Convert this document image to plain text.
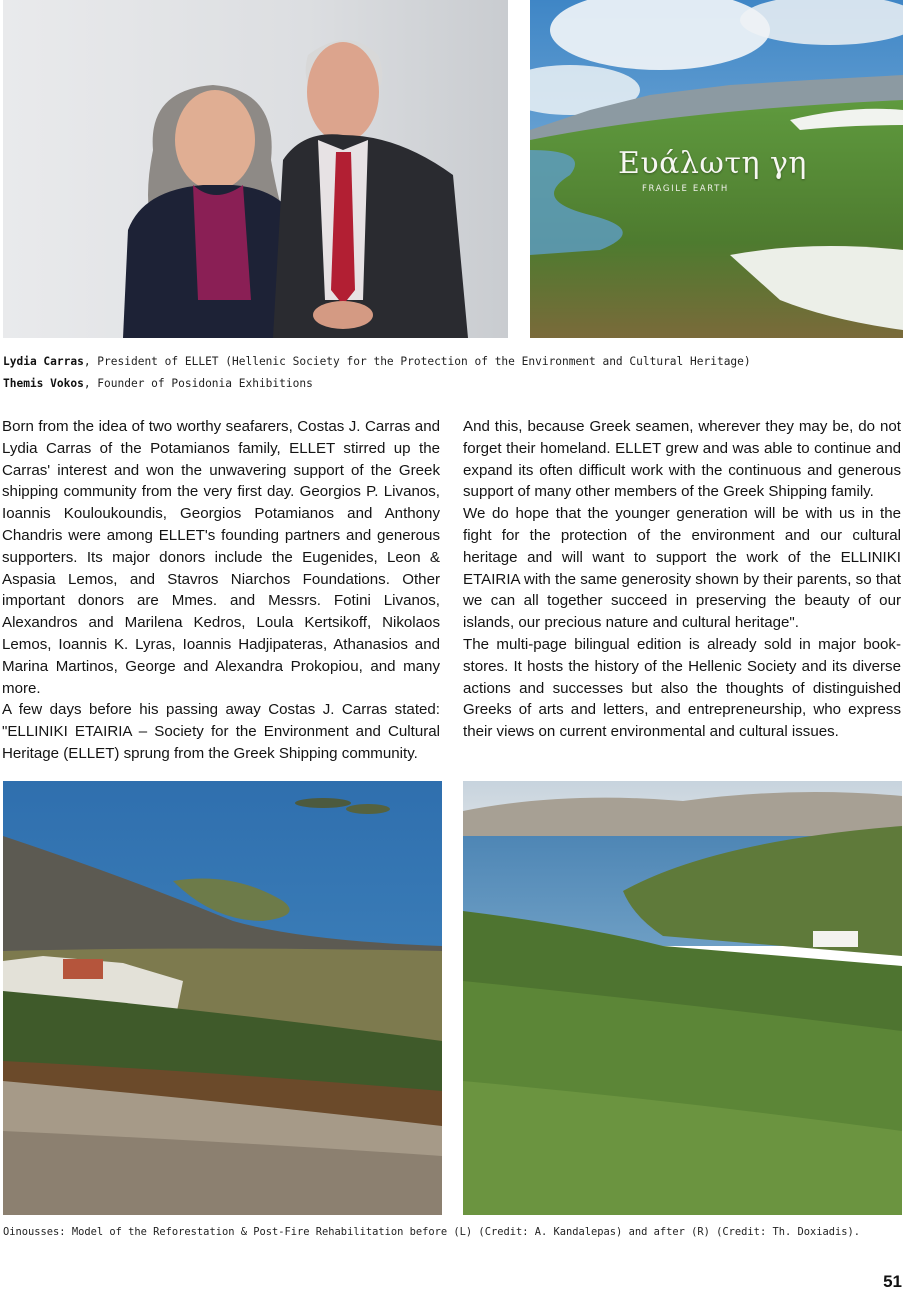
Ευάλωτη γη
FRAGILE EARTH
Lydia Carras, President of ELLET (Hellenic Society for the Protection of the Environment and Cultural Heritage)
Themis Vokos, Founder of Posidonia Exhibitions

Born from the idea of two worthy seafarers, Costas J. Carras and Lydia Carras of the Potamianos family, ELLET stirred up the Carras' interest and won the unwavering support of the Greek shipping community from the very first day. Georgios P. Livanos, Ioannis Kouloukoundis, Georgios Potamianos and Anthony Chandris were among ELLET's founding partners and generous supporters. Its major donors include the Eugenides, Leon & Aspasia Lemos, and Stavros Niarchos Foundations. Other important donors are Mmes. and Messrs. Fotini Livanos, Alexandros and Marilena Kedros, Loula Kertsikoff, Nikolaos Lemos, Ioannis K. Lyras, Ioannis Hadjipateras, Athanasios and Marina Martinos, George and Alexandra Prokopiou, and many more.

A few days before his passing away Costas J. Carras stated: "ELLINIKI ETAIRIA – Society for the Environment and Cultural Heritage (ELLET) sprung from the Greek Shipping community.

And this, because Greek seamen, wherever they may be, do not forget their homeland. ELLET grew and was able to continue and expand its often difficult work with the continuous and generous support of many other members of the Greek Shipping family.

We do hope that the younger generation will be with us in the fight for the protection of the environment and our cultural heritage and will want to support the work of the ELLINIKI ETAIRIA with the same generosity shown by their parents, so that we can all together succeed in preserving the beauty of our islands, our precious nature and cultural heritage".

The multi-page bilingual edition is already sold in major bookstores. It hosts the history of the Hellenic Society and its diverse actions and successes but also the thoughts of distinguished Greeks of arts and letters, and entrepreneurship, who express their views on current environmental and cultural issues.

Oinousses: Model of the Reforestation & Post-Fire Rehabilitation before (L) (Credit: A. Kandalepas) and after (R) (Credit: Th. Doxiadis).
51
